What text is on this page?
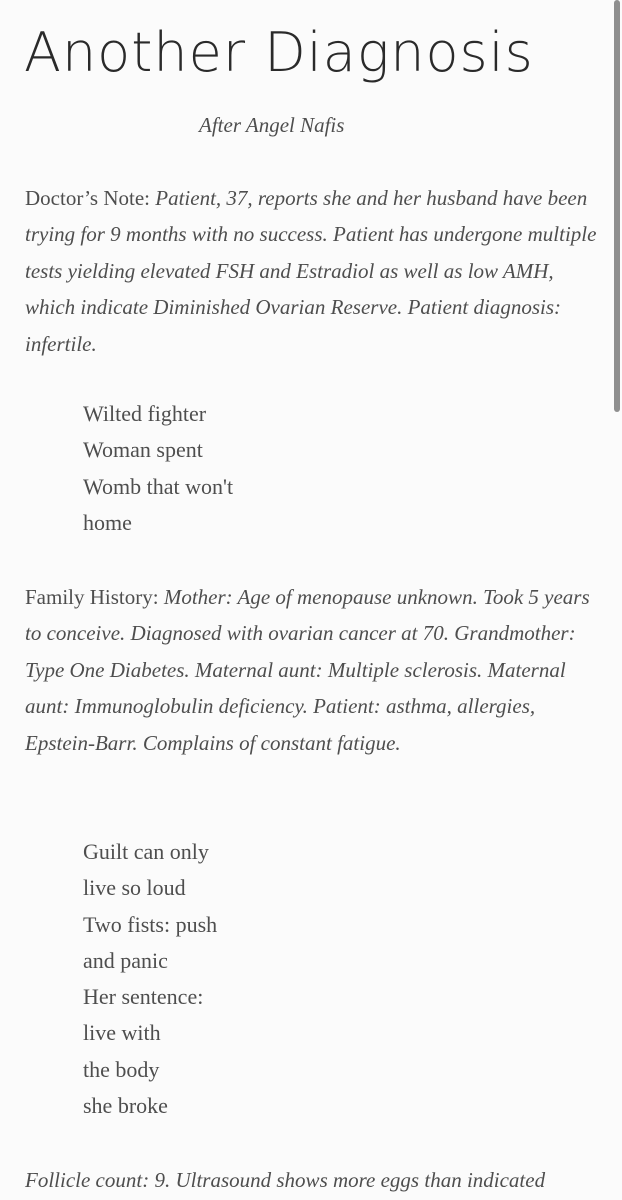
Another Diagnosis
After Angel Nafis

Doctor’s Note: Patient, 37, reports she and her husband have been trying for 9 months with no success. Patient has undergone multiple tests yielding elevated FSH and Estradiol as well as low AMH, which indicate Diminished Ovarian Reserve. Patient diagnosis: infertile.

Wilted fighter
Woman spent
Womb that won't
home

Family History: Mother: Age of menopause unknown. Took 5 years to conceive. Diagnosed with ovarian cancer at 70. Grandmother: Type One Diabetes. Maternal aunt: Multiple sclerosis. Maternal aunt: Immunoglobulin deficiency. Patient: asthma, allergies, Epstein-Barr. Complains of constant fatigue.

Guilt can only
live so loud
Two fists: push
and panic
Her sentence:
live with
the body
she broke

Follicle count: 9. Ultrasound shows more eggs than indicated
